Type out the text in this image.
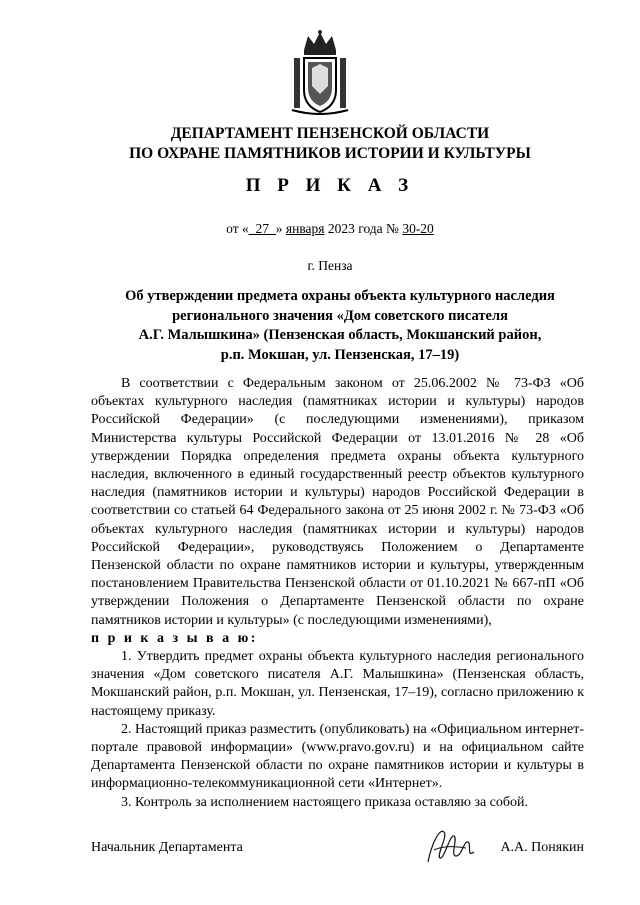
ДЕПАРТАМЕНТ ПЕНЗЕНСКОЙ ОБЛАСТИ
ПО ОХРАНЕ ПАМЯТНИКОВ ИСТОРИИ И КУЛЬТУРЫ
П Р И К А З
от «_27_» января 2023 года № 30-20
г. Пенза
Об утверждении предмета охраны объекта культурного наследия
регионального значения «Дом советского писателя
А.Г. Малышкина» (Пензенская область, Мокшанский район,
р.п. Мокшан, ул. Пензенская, 17–19)

В соответствии с Федеральным законом от 25.06.2002 № 73-ФЗ «Об объектах культурного наследия (памятниках истории и культуры) народов Российской Федерации» (с последующими изменениями), приказом Министерства культуры Российской Федерации от 13.01.2016 № 28 «Об утверждении Порядка определения предмета охраны объекта культурного наследия, включенного в единый государственный реестр объектов культурного наследия (памятников истории и культуры) народов Российской Федерации в соответствии со статьей 64 Федерального закона от 25 июня 2002 г. № 73-ФЗ «Об объектах культурного наследия (памятниках истории и культуры) народов Российской Федерации», руководствуясь Положением о Департаменте Пензенской области по охране памятников истории и культуры, утвержденным постановлением Правительства Пензенской области от 01.10.2021 № 667-пП «Об утверждении Положения о Департаменте Пензенской области по охране памятников истории и культуры» (с последующими изменениями),

п р и к а з ы в а ю:

1. Утвердить предмет охраны объекта культурного наследия регионального значения «Дом советского писателя А.Г. Малышкина» (Пензенская область, Мокшанский район, р.п. Мокшан, ул. Пензенская, 17–19), согласно приложению к настоящему приказу.

2. Настоящий приказ разместить (опубликовать) на «Официальном интернет-портале правовой информации» (www.pravo.gov.ru) и на официальном сайте Департамента Пензенской области по охране памятников истории и культуры в информационно-телекоммуникационной сети «Интернет».

3. Контроль за исполнением настоящего приказа оставляю за собой.

Начальник Департамента	А.А. Понякин
